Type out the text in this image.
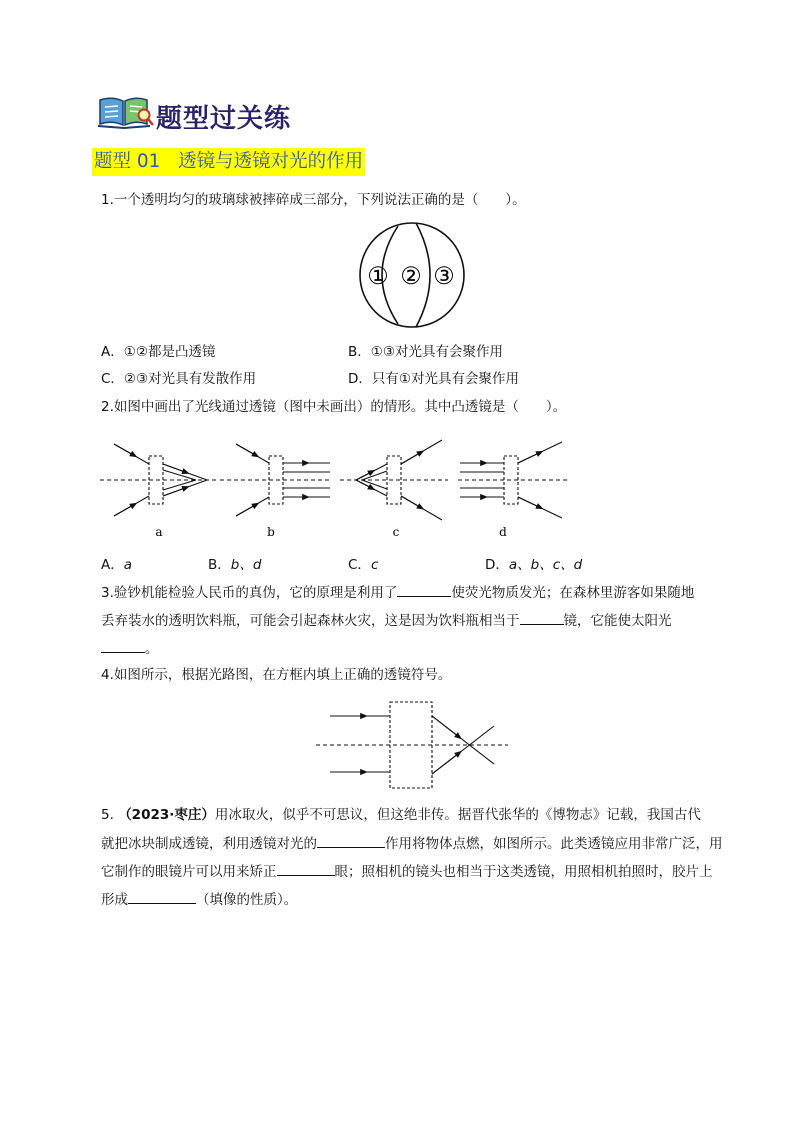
题型过关练
题型 01 透镜与透镜对光的作用
1.一个透明均匀的玻璃球被摔碎成三部分，下列说法正确的是（　　）。
① ② ③
A．①②都是凸透镜	B．①③对光具有会聚作用
C．②③对光具有发散作用	D．只有①对光具有会聚作用
2.如图中画出了光线通过透镜（图中未画出）的情形。其中凸透镜是（　　）。
a	b	c	d
A．a	B．b、d	C．c	D．a、b、c、d
3.验钞机能检验人民币的真伪，它的原理是利用了	使荧光物质发光；在森林里游客如果随地
丢弃装水的透明饮料瓶，可能会引起森林火灾，这是因为饮料瓶相当于	镜，它能使太阳光
。
4.如图所示，根据光路图，在方框内填上正确的透镜符号。
5. （2023·枣庄）用冰取火，似乎不可思议，但这绝非传。据晋代张华的《博物志》记载，我国古代
就把冰块制成透镜，利用透镜对光的	作用将物体点燃，如图所示。此类透镜应用非常广泛，用
它制作的眼镜片可以用来矫正	眼；照相机的镜头也相当于这类透镜，用照相机拍照时，胶片上
形成	（填像的性质）。
